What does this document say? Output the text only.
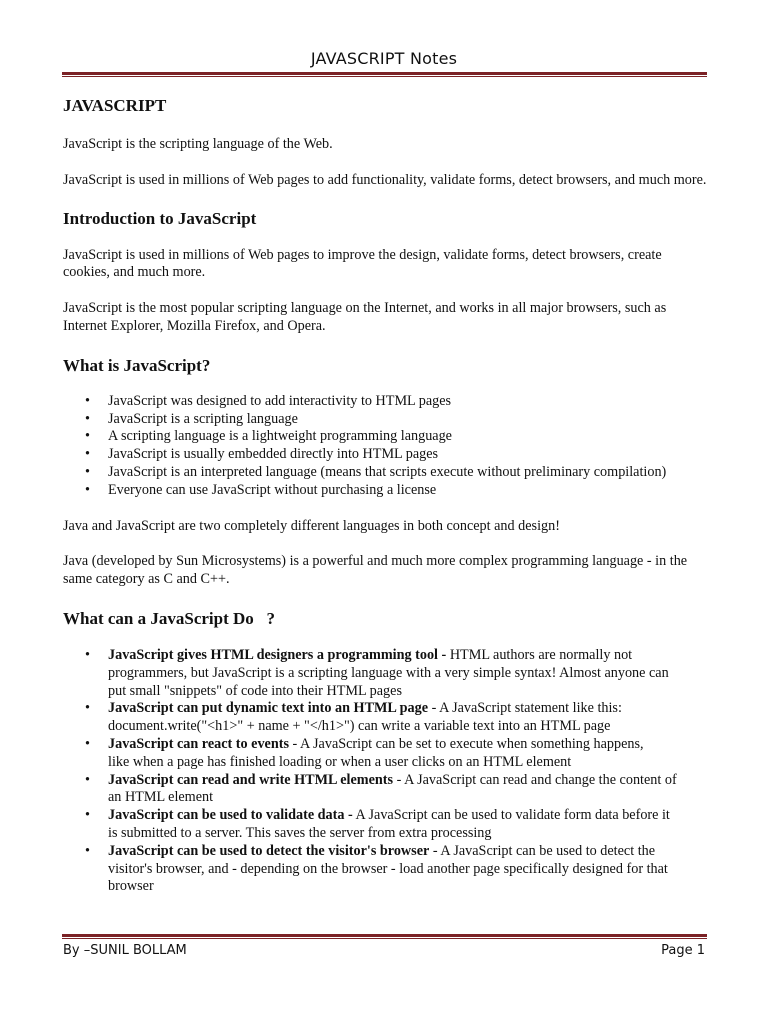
JAVASCRIPT Notes
JAVASCRIPT

JavaScript is the scripting language of the Web.

JavaScript is used in millions of Web pages to add functionality, validate forms, detect browsers, and much more.

Introduction to JavaScript

JavaScript is used in millions of Web pages to improve the design, validate forms, detect browsers, create cookies, and much more.

JavaScript is the most popular scripting language on the Internet, and works in all major browsers, such as Internet Explorer, Mozilla Firefox, and Opera.

What is JavaScript?
• JavaScript was designed to add interactivity to HTML pages
• JavaScript is a scripting language
• A scripting language is a lightweight programming language
• JavaScript is usually embedded directly into HTML pages
• JavaScript is an interpreted language (means that scripts execute without preliminary compilation)
• Everyone can use JavaScript without purchasing a license

Java and JavaScript are two completely different languages in both concept and design!

Java (developed by Sun Microsystems) is a powerful and much more complex programming language - in the same category as C and C++.

What can a JavaScript Do   ?
• JavaScript gives HTML designers a programming tool - HTML authors are normally not programmers, but JavaScript is a scripting language with a very simple syntax! Almost anyone can put small "snippets" of code into their HTML pages
• JavaScript can put dynamic text into an HTML page - A JavaScript statement like this: document.write("<h1>" + name + "</h1>") can write a variable text into an HTML page
• JavaScript can react to events - A JavaScript can be set to execute when something happens, like when a page has finished loading or when a user clicks on an HTML element
• JavaScript can read and write HTML elements - A JavaScript can read and change the content of an HTML element
• JavaScript can be used to validate data - A JavaScript can be used to validate form data before it is submitted to a server. This saves the server from extra processing
• JavaScript can be used to detect the visitor's browser - A JavaScript can be used to detect the visitor's browser, and - depending on the browser - load another page specifically designed for that browser
By –SUNIL BOLLAM	Page 1
